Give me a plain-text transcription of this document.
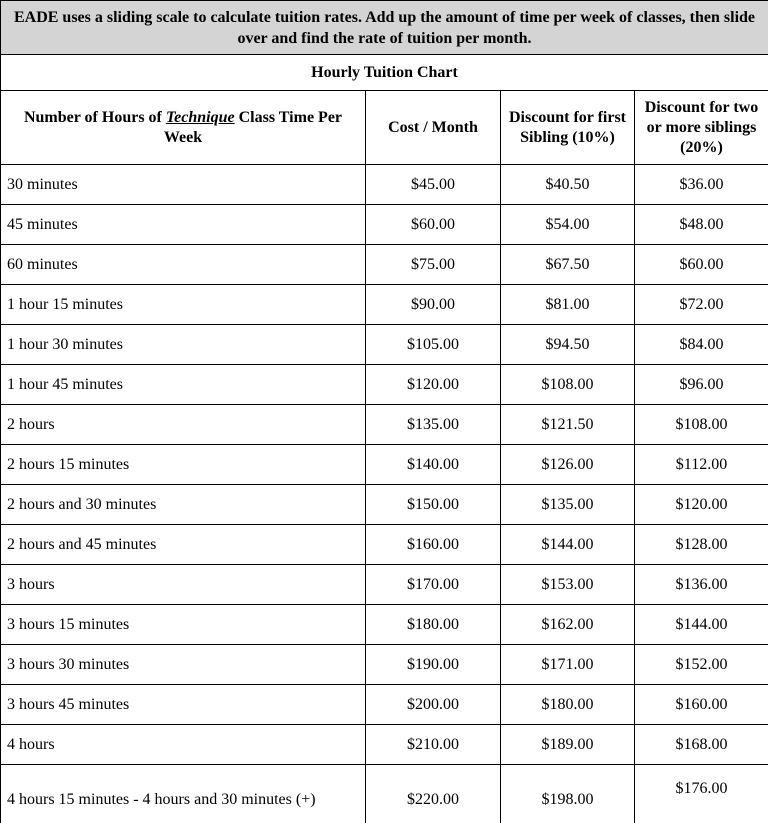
EADE uses a sliding scale to calculate tuition rates. Add up the amount of time per week of classes, then slide over and find the rate of tuition per month.			
Hourly Tuition Chart			
Number of Hours of Technique Class Time Per Week	Cost / Month	Discount for first Sibling (10%)	Discount for two or more siblings (20%)
30 minutes	$45.00	$40.50	$36.00
45 minutes	$60.00	$54.00	$48.00
60 minutes	$75.00	$67.50	$60.00
1 hour 15 minutes	$90.00	$81.00	$72.00
1 hour 30 minutes	$105.00	$94.50	$84.00
1 hour 45 minutes	$120.00	$108.00	$96.00
2 hours	$135.00	$121.50	$108.00
2 hours 15 minutes	$140.00	$126.00	$112.00
2 hours and 30 minutes	$150.00	$135.00	$120.00
2 hours and 45 minutes	$160.00	$144.00	$128.00
3 hours	$170.00	$153.00	$136.00
3 hours 15 minutes	$180.00	$162.00	$144.00
3 hours 30 minutes	$190.00	$171.00	$152.00
3 hours 45 minutes	$200.00	$180.00	$160.00
4 hours	$210.00	$189.00	$168.00
4 hours 15 minutes - 4 hours and 30 minutes (+)	$220.00	$198.00	$176.00
